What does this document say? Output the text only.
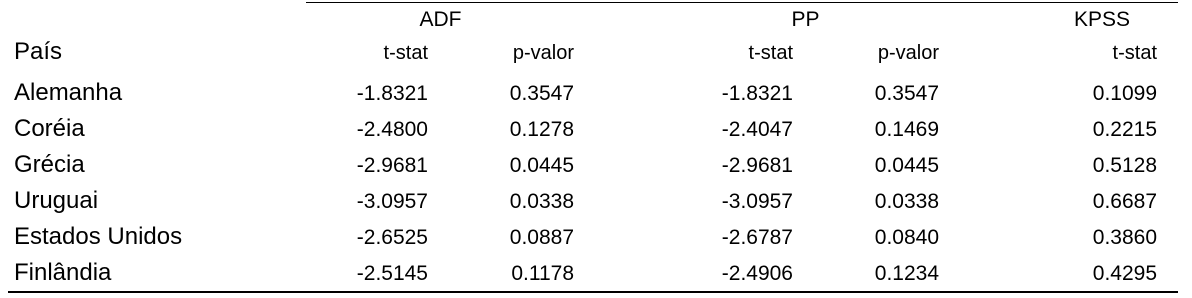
ADF	PP	KPSS
País	t-stat	p-valor	t-stat	p-valor	t-stat
Alemanha	-1.8321	0.3547	-1.8321	0.3547	0.1099
Coréia	-2.4800	0.1278	-2.4047	0.1469	0.2215
Grécia	-2.9681	0.0445	-2.9681	0.0445	0.5128
Uruguai	-3.0957	0.0338	-3.0957	0.0338	0.6687
Estados Unidos	-2.6525	0.0887	-2.6787	0.0840	0.3860
Finlândia	-2.5145	0.1178	-2.4906	0.1234	0.4295
